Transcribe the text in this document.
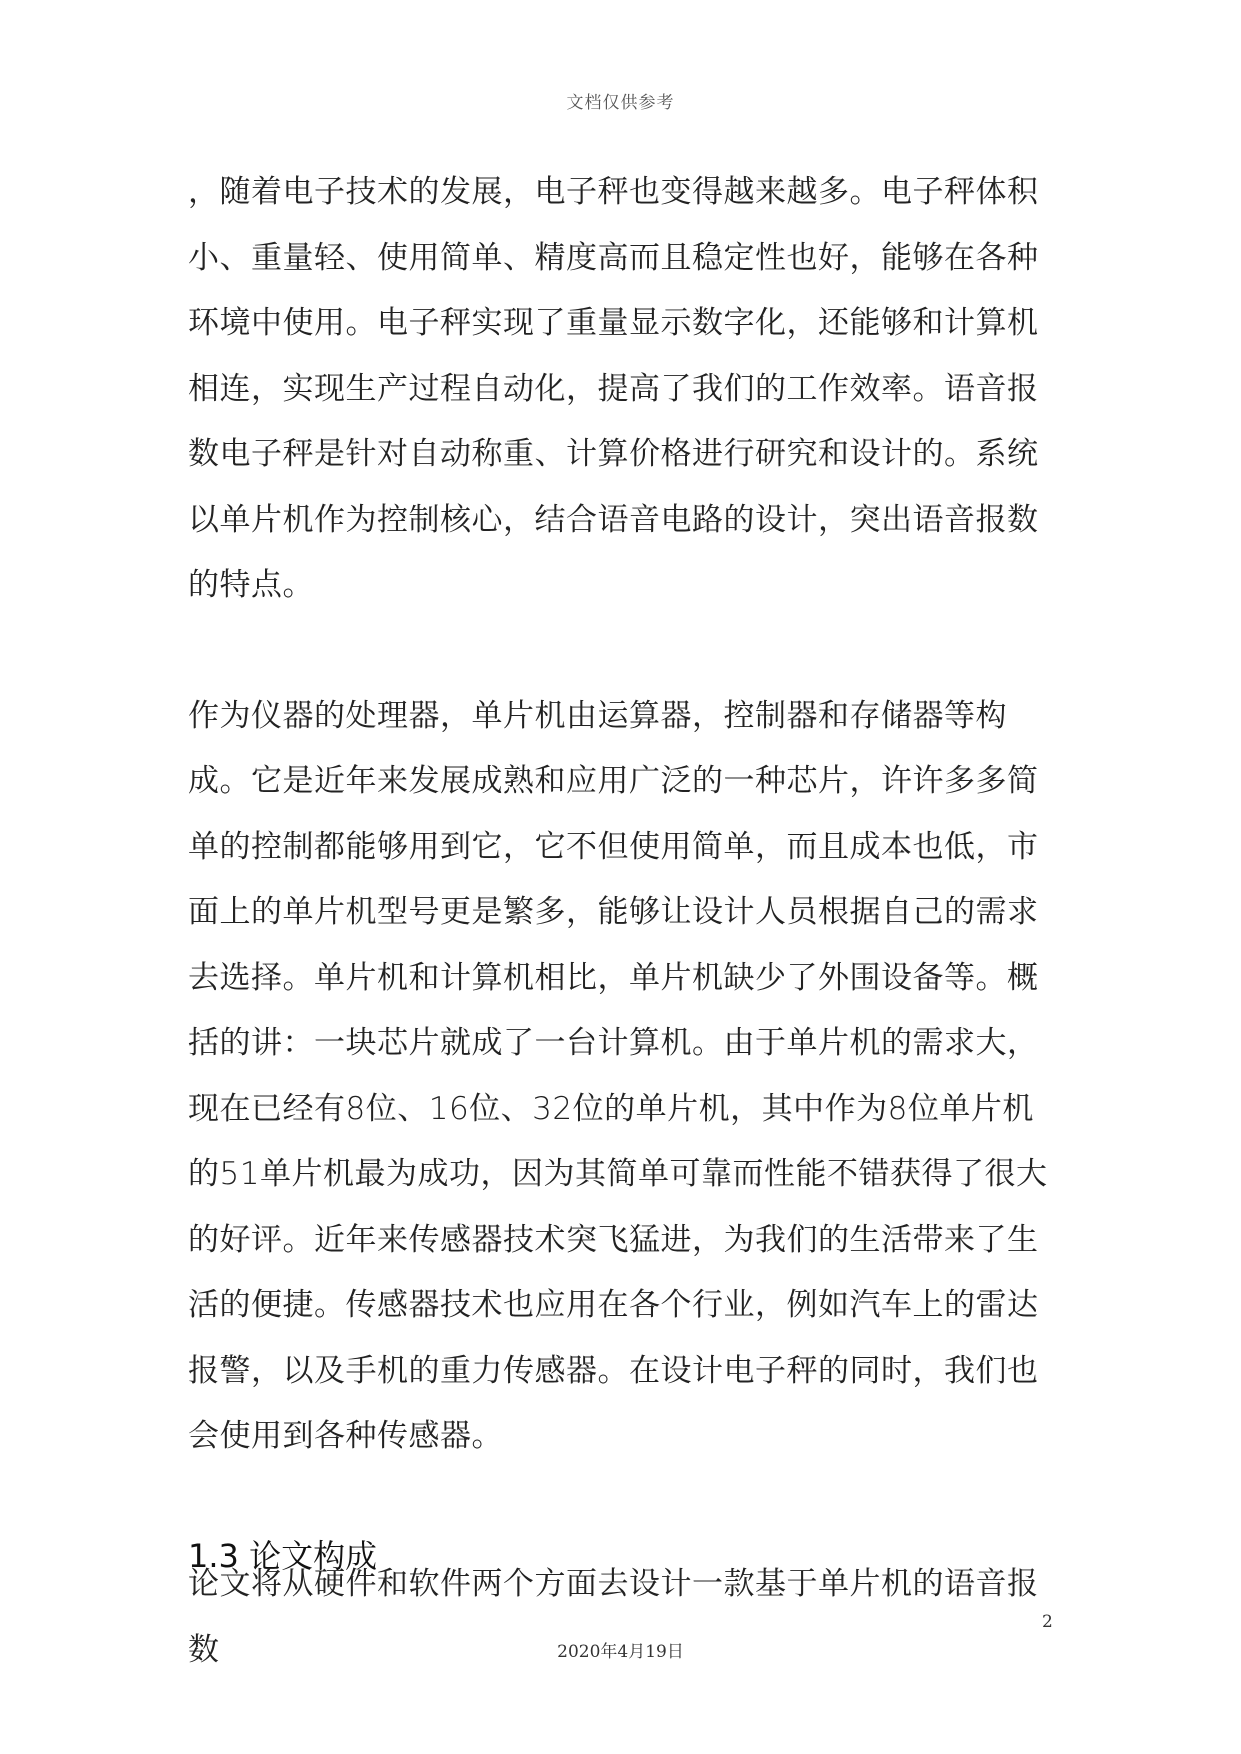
文档仅供参考

，随着电子技术的发展，电子秤也变得越来越多。电子秤体积小、重量轻、使用简单、精度高而且稳定性也好，能够在各种环境中使用。电子秤实现了重量显示数字化，还能够和计算机相连，实现生产过程自动化，提高了我们的工作效率。语音报数电子秤是针对自动称重、计算价格进行研究和设计的。系统以单片机作为控制核心，结合语音电路的设计，突出语音报数的特点。

作为仪器的处理器，单片机由运算器，控制器和存储器等构成。它是近年来发展成熟和应用广泛的一种芯片，许许多多简单的控制都能够用到它，它不但使用简单，而且成本也低，市面上的单片机型号更是繁多，能够让设计人员根据自己的需求去选择。单片机和计算机相比，单片机缺少了外围设备等。概括的讲：一块芯片就成了一台计算机。由于单片机的需求大，现在已经有8位、16位、32位的单片机，其中作为8位单片机的51单片机最为成功，因为其简单可靠而性能不错获得了很大的好评。近年来传感器技术突飞猛进，为我们的生活带来了生活的便捷。传感器技术也应用在各个行业，例如汽车上的雷达报警，以及手机的重力传感器。在设计电子秤的同时，我们也会使用到各种传感器。

1.3 论文构成

论文将从硬件和软件两个方面去设计一款基于单片机的语音报数

2
2020年4月19日
